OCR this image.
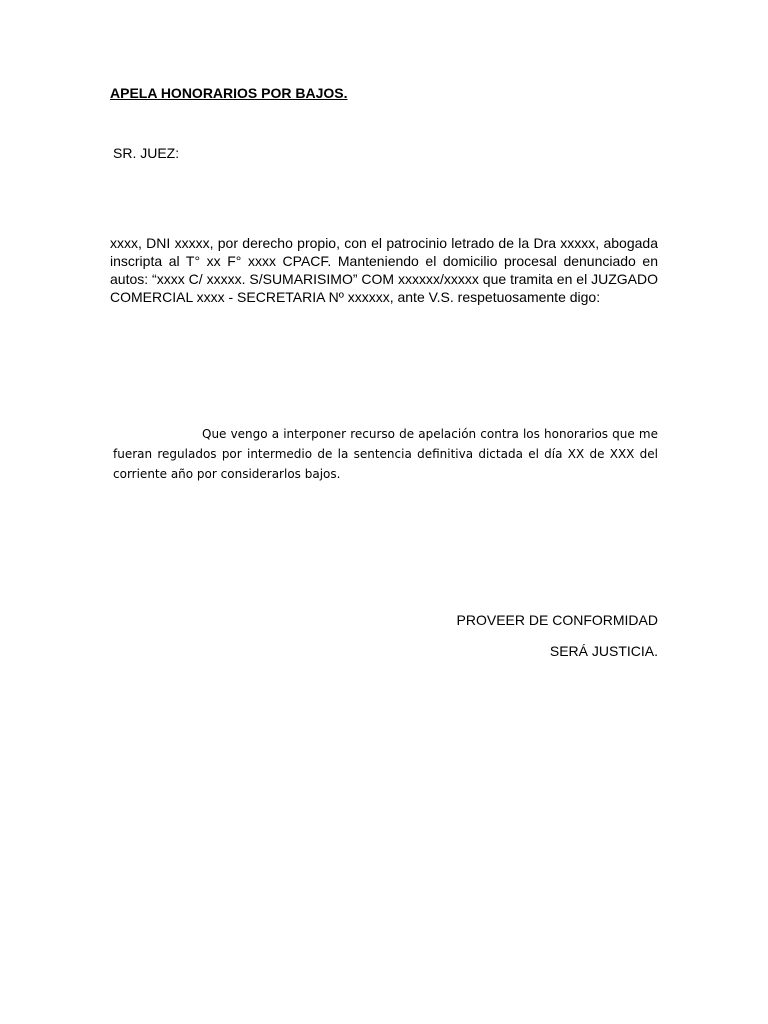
APELA HONORARIOS POR BAJOS.

SR. JUEZ:

xxxx, DNI xxxxx, por derecho propio, con el patrocinio letrado de la Dra xxxxx, abogada inscripta al T° xx F° xxxx CPACF. Manteniendo el domicilio procesal denunciado en autos: “xxxx C/ xxxxx. S/SUMARISIMO” COM xxxxxx/xxxxx que tramita en el JUZGADO COMERCIAL xxxx - SECRETARIA Nº xxxxxx, ante V.S. respetuosamente digo:

Que vengo a interponer recurso de apelación contra los honorarios que me fueran regulados por intermedio de la sentencia definitiva dictada el día XX de XXX del corriente año por considerarlos bajos.

PROVEER DE CONFORMIDAD

SERÁ JUSTICIA.
